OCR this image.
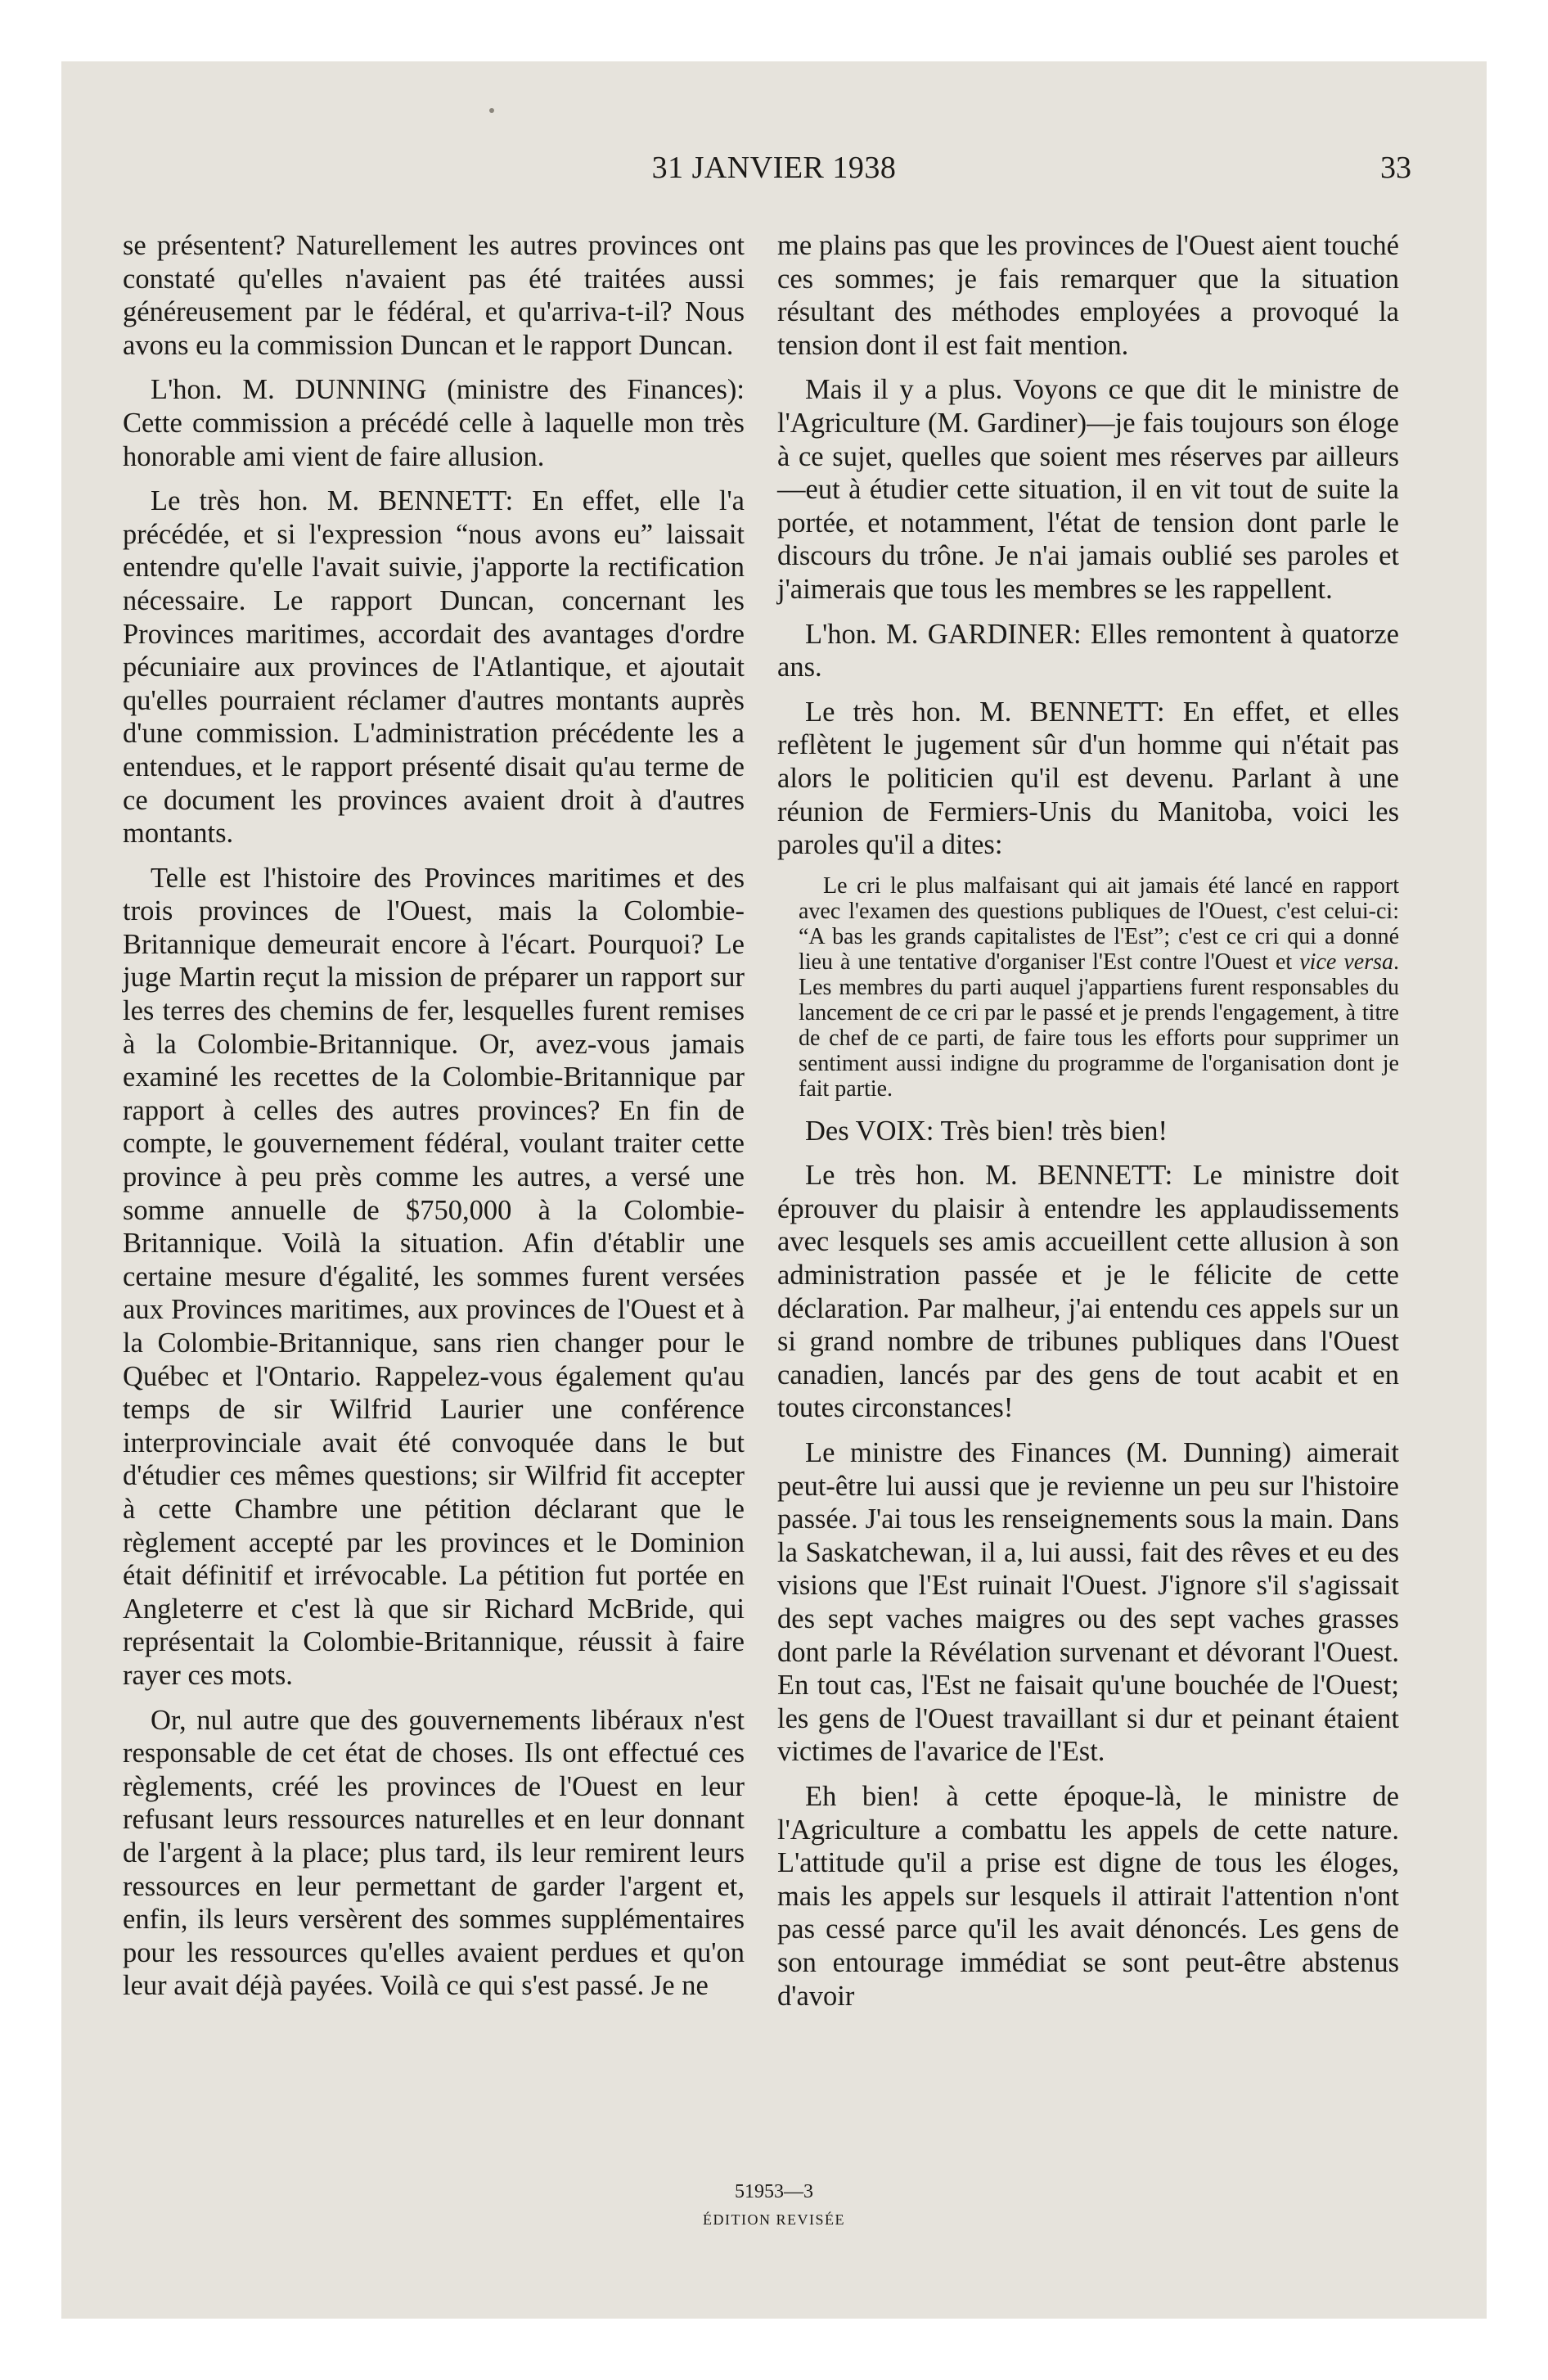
31 JANVIER 1938	33

se présentent? Naturellement les autres provinces ont constaté qu'elles n'avaient pas été traitées aussi généreusement par le fédéral, et qu'arriva-t-il? Nous avons eu la commission Duncan et le rapport Duncan.

L'hon. M. DUNNING (ministre des Finances): Cette commission a précédé celle à laquelle mon très honorable ami vient de faire allusion.

Le très hon. M. BENNETT: En effet, elle l'a précédée, et si l'expression “nous avons eu” laissait entendre qu'elle l'avait suivie, j'apporte la rectification nécessaire. Le rapport Duncan, concernant les Provinces maritimes, accordait des avantages d'ordre pécuniaire aux provinces de l'Atlantique, et ajoutait qu'elles pourraient réclamer d'autres montants auprès d'une commission. L'administration précédente les a entendues, et le rapport présenté disait qu'au terme de ce document les provinces avaient droit à d'autres montants.

Telle est l'histoire des Provinces maritimes et des trois provinces de l'Ouest, mais la Colombie-Britannique demeurait encore à l'écart. Pourquoi? Le juge Martin reçut la mission de préparer un rapport sur les terres des chemins de fer, lesquelles furent remises à la Colombie-Britannique. Or, avez-vous jamais examiné les recettes de la Colombie-Britannique par rapport à celles des autres provinces? En fin de compte, le gouvernement fédéral, voulant traiter cette province à peu près comme les autres, a versé une somme annuelle de $750,000 à la Colombie-Britannique. Voilà la situation. Afin d'établir une certaine mesure d'égalité, les sommes furent versées aux Provinces maritimes, aux provinces de l'Ouest et à la Colombie-Britannique, sans rien changer pour le Québec et l'Ontario. Rappelez-vous également qu'au temps de sir Wilfrid Laurier une conférence interprovinciale avait été convoquée dans le but d'étudier ces mêmes questions; sir Wilfrid fit accepter à cette Chambre une pétition déclarant que le règlement accepté par les provinces et le Dominion était définitif et irrévocable. La pétition fut portée en Angleterre et c'est là que sir Richard McBride, qui représentait la Colombie-Britannique, réussit à faire rayer ces mots.

Or, nul autre que des gouvernements libéraux n'est responsable de cet état de choses. Ils ont effectué ces règlements, créé les provinces de l'Ouest en leur refusant leurs ressources naturelles et en leur donnant de l'argent à la place; plus tard, ils leur remirent leurs ressources en leur permettant de garder l'argent et, enfin, ils leurs versèrent des sommes supplémentaires pour les ressources qu'elles avaient perdues et qu'on leur avait déjà payées. Voilà ce qui s'est passé. Je ne

me plains pas que les provinces de l'Ouest aient touché ces sommes; je fais remarquer que la situation résultant des méthodes employées a provoqué la tension dont il est fait mention.

Mais il y a plus. Voyons ce que dit le ministre de l'Agriculture (M. Gardiner)—je fais toujours son éloge à ce sujet, quelles que soient mes réserves par ailleurs—eut à étudier cette situation, il en vit tout de suite la portée, et notamment, l'état de tension dont parle le discours du trône. Je n'ai jamais oublié ses paroles et j'aimerais que tous les membres se les rappellent.

L'hon. M. GARDINER: Elles remontent à quatorze ans.

Le très hon. M. BENNETT: En effet, et elles reflètent le jugement sûr d'un homme qui n'était pas alors le politicien qu'il est devenu. Parlant à une réunion de Fermiers-Unis du Manitoba, voici les paroles qu'il a dites:

Le cri le plus malfaisant qui ait jamais été lancé en rapport avec l'examen des questions publiques de l'Ouest, c'est celui-ci: “A bas les grands capitalistes de l'Est”; c'est ce cri qui a donné lieu à une tentative d'organiser l'Est contre l'Ouest et vice versa. Les membres du parti auquel j'appartiens furent responsables du lancement de ce cri par le passé et je prends l'engagement, à titre de chef de ce parti, de faire tous les efforts pour supprimer un sentiment aussi indigne du programme de l'organisation dont je fait partie.

Des VOIX: Très bien! très bien!

Le très hon. M. BENNETT: Le ministre doit éprouver du plaisir à entendre les applaudissements avec lesquels ses amis accueillent cette allusion à son administration passée et je le félicite de cette déclaration. Par malheur, j'ai entendu ces appels sur un si grand nombre de tribunes publiques dans l'Ouest canadien, lancés par des gens de tout acabit et en toutes circonstances!

Le ministre des Finances (M. Dunning) aimerait peut-être lui aussi que je revienne un peu sur l'histoire passée. J'ai tous les renseignements sous la main. Dans la Saskatchewan, il a, lui aussi, fait des rêves et eu des visions que l'Est ruinait l'Ouest. J'ignore s'il s'agissait des sept vaches maigres ou des sept vaches grasses dont parle la Révélation survenant et dévorant l'Ouest. En tout cas, l'Est ne faisait qu'une bouchée de l'Ouest; les gens de l'Ouest travaillant si dur et peinant étaient victimes de l'avarice de l'Est.

Eh bien! à cette époque-là, le ministre de l'Agriculture a combattu les appels de cette nature. L'attitude qu'il a prise est digne de tous les éloges, mais les appels sur lesquels il attirait l'attention n'ont pas cessé parce qu'il les avait dénoncés. Les gens de son entourage immédiat se sont peut-être abstenus d'avoir

51953—3
ÉDITION REVISÉE
